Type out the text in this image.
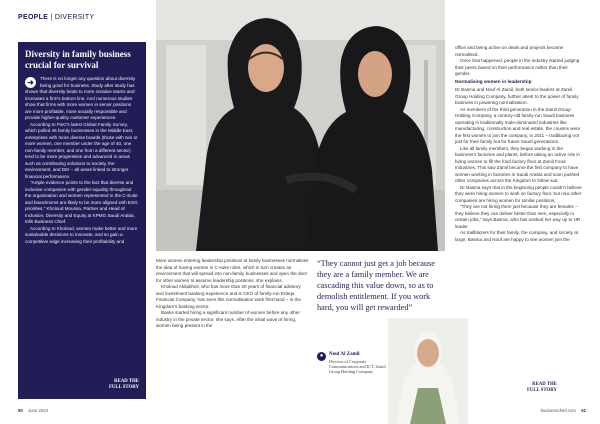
PEOPLE | DIVERSITY
Diversity in family business crucial for survival
➜	There is no longer any question about diversity being good for business. Study after study has shown that diversity leads to more creative teams and increases a firm's bottom line. And numerous studies show that firms with more women in senior positions are more profitable, more socially responsible and provide higher-quality customer experiences.

According to PwC's latest Global Family Survey, which polled 46 family businesses in the Middle East, enterprises with more diverse boards (those with two or more women, one member under the age of 40, one non-family member, and one from a different sector) tend to be more progressive and advanced in areas such as contributing solutions to society, the environment, and DEI – all areas linked to stronger financial performance.

"Ample evidence points to the fact that diverse and inclusive companies with gender equality throughout the organisation and women represented in the C-Suite and boardrooms are likely to be more aligned with ESG priorities," Kholoud Moussa, Partner and Head of Inclusion, Diversity and Equity at KPMG Saudi Arabia, tells Business Chief.

According to Kholoud, women make better and more sustainable decisions to innovate, and so gain a competitive edge increasing their profitability and

READ THE
FULL STORY

More women entering leadership positions at family businesses normalises the idea of having women in C-suite roles, which in turn creates an environment that will spread into non-family businesses and open the door for other women to assume leadership positions, she explains.

Kholoud Alduikheil, who has more than 20 years of financial advisory and investment banking experience and is CEO of family-run Erteqa Financial Company, has seen this normalisation work first-hand – in the Kingdom's banking sector.

Banks started hiring a significant number of women before any other industry in the private sector, she says. After the initial wave of hiring, women being present in the

“They cannot just get a job because they are a family member. We are cascading this value down, so as to demolish entitlement. If you work hard, you will get rewarded”
●	Nouf Al Zamil
Director of Corporate Communications and ICT, Zamil Group Holding Company

office and being active on deals and projects became normalised.

Once that happened, people in the industry started judging their peers based on their performance rather than their gender.

Normalising women in leadership

Dr Basma and Nouf Al Zamil, both senior leaders at Zamil Group Holding Company, further attest to the power of family business in powering normalisation.

As members of the third generation in the Zamil Group Holding Company, a century-old family-run Saudi business operating in traditionally male-dominated industries like manufacturing, construction and real estate, the cousins were the first women to join the company, in 2011 – trailblazing not just for their family but for future Saudi generations.

Like all family members, they began working in the business's factories and plants, before taking an active role in hiring women to fill the food factory floor at Zamil Food Industries. This saw Zamil become the first company to have women working in factories in Saudi Arabia and soon pushed other companies across the Kingdom to follow suit.

Dr Basma says that in the beginning people couldn't believe they were hiring women to work on factory floor, but now other companies are hiring women for similar positions.

"They are not hiring them just because they are females – they believe they can deliver better than men, especially in certain jobs," says Basma, who has worked her way up to HR leader.

As trailblazers for their family, the company, and society at large, Basma and Nouf are happy to see women join the

READ THE
FULL STORY
50 June 2023	businesschief.com 51
